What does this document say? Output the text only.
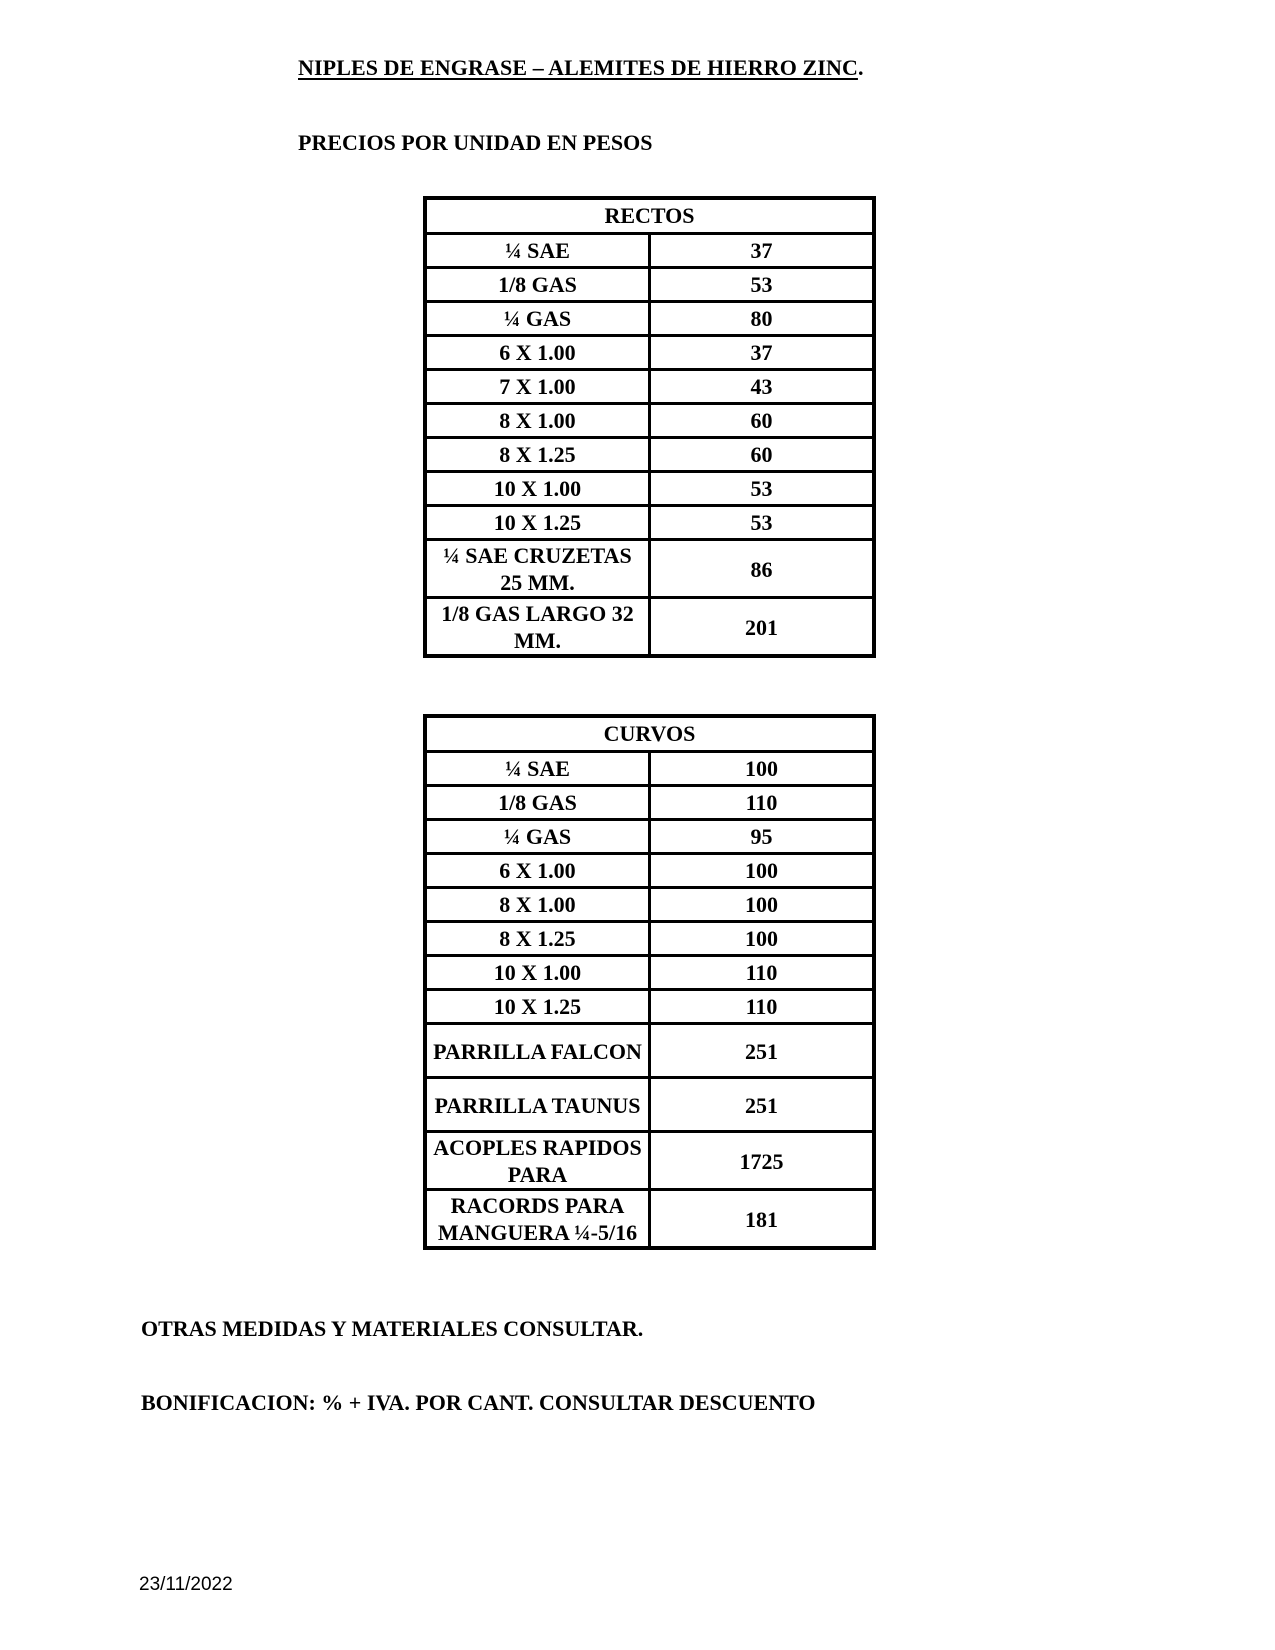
NIPLES DE ENGRASE – ALEMITES DE HIERRO ZINC.
PRECIOS POR UNIDAD EN PESOS
RECTOS	
¼ SAE	37
1/8 GAS	53
¼ GAS	80
6 X 1.00	37
7 X 1.00	43
8 X 1.00	60
8 X 1.25	60
10 X 1.00	53
10 X 1.25	53
¼ SAE CRUZETAS 25 MM.	86
1/8 GAS LARGO 32 MM.	201
CURVOS	
¼ SAE	100
1/8 GAS	110
¼ GAS	95
6 X 1.00	100
8 X 1.00	100
8 X 1.25	100
10 X 1.00	110
10 X 1.25	110
PARRILLA FALCON	251
PARRILLA TAUNUS	251
ACOPLES RAPIDOS PARA	1725
RACORDS PARA MANGUERA ¼-5/16	181
OTRAS MEDIDAS Y MATERIALES CONSULTAR.
BONIFICACION: % + IVA. POR CANT. CONSULTAR DESCUENTO
23/11/2022
